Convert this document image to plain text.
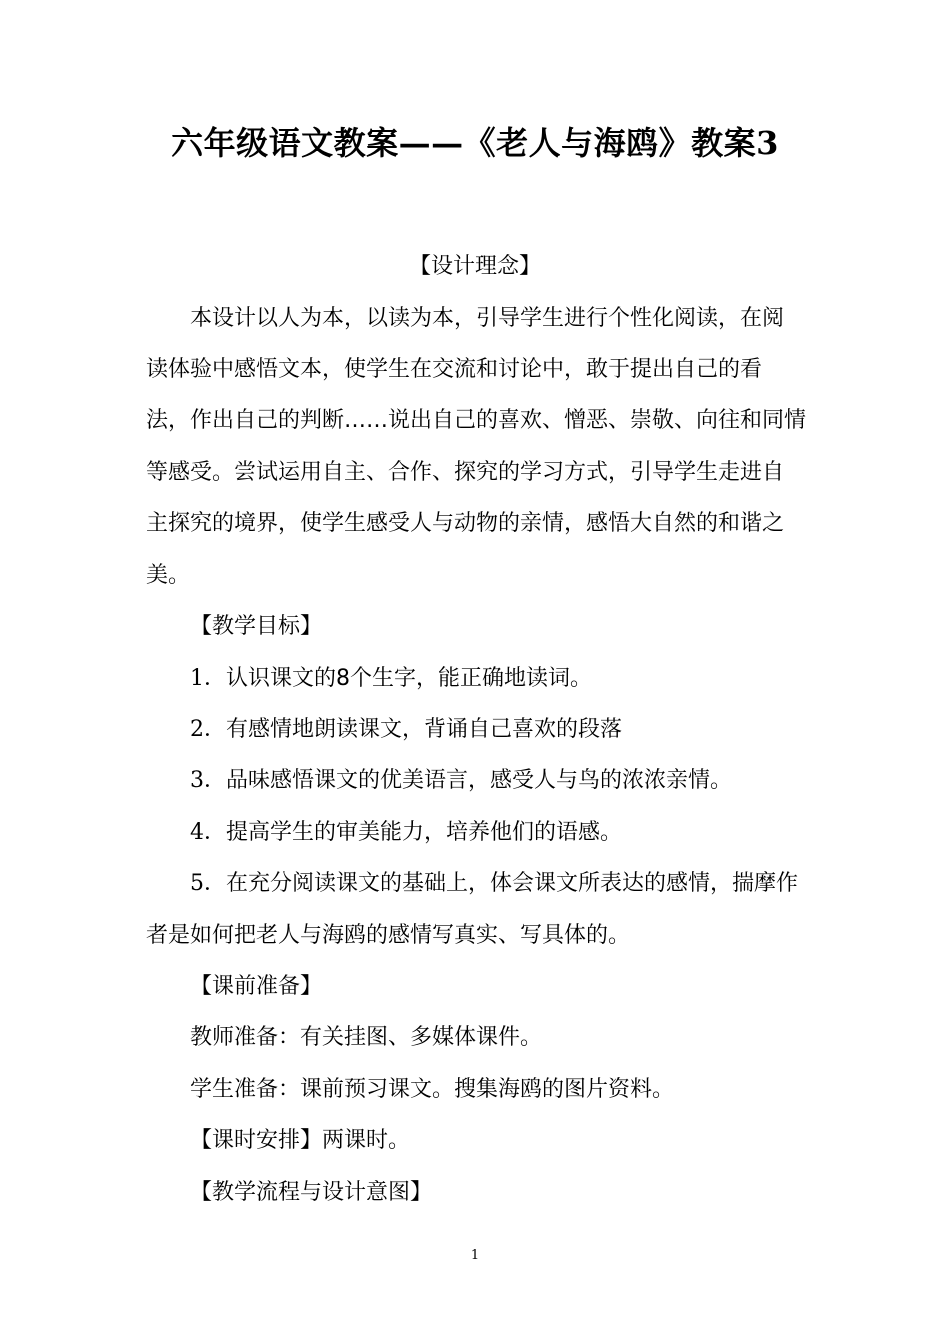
六年级语文教案——《老人与海鸥》教案3
【设计理念】
本设计以人为本，以读为本，引导学生进行个性化阅读，在阅
读体验中感悟文本，使学生在交流和讨论中，敢于提出自己的看
法，作出自己的判断……说出自己的喜欢、憎恶、崇敬、向往和同情
等感受。尝试运用自主、合作、探究的学习方式，引导学生走进自
主探究的境界，使学生感受人与动物的亲情，感悟大自然的和谐之
美。
【教学目标】
1．认识课文的8个生字，能正确地读词。
2．有感情地朗读课文，背诵自己喜欢的段落
3．品味感悟课文的优美语言，感受人与鸟的浓浓亲情。
4．提高学生的审美能力，培养他们的语感。
5．在充分阅读课文的基础上，体会课文所表达的感情，揣摩作
者是如何把老人与海鸥的感情写真实、写具体的。
【课前准备】
教师准备：有关挂图、多媒体课件。
学生准备：课前预习课文。搜集海鸥的图片资料。
【课时安排】两课时。
【教学流程与设计意图】
1
